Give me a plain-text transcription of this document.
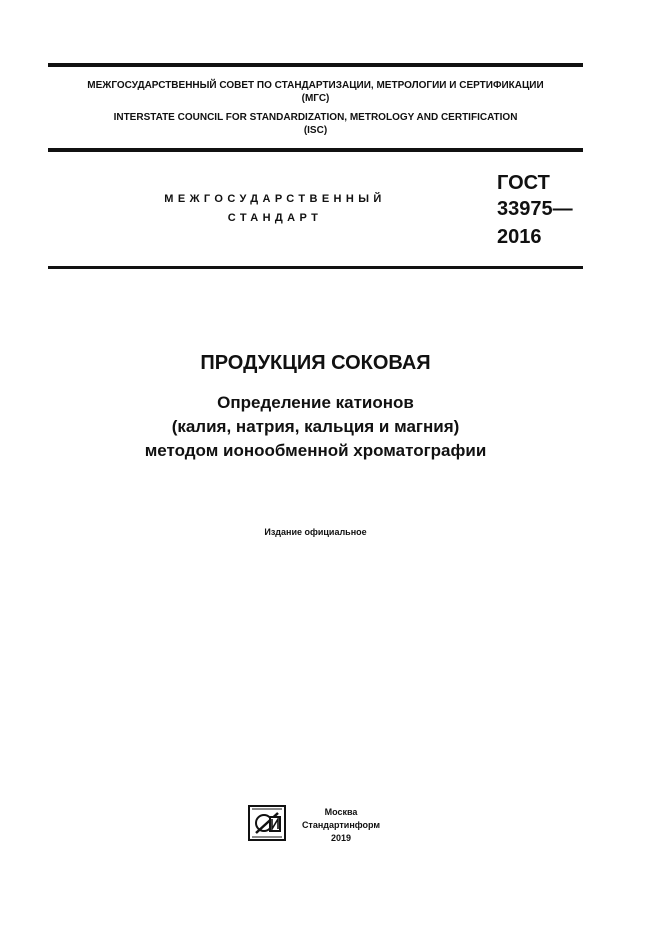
МЕЖГОСУДАРСТВЕННЫЙ СОВЕТ ПО СТАНДАРТИЗАЦИИ, МЕТРОЛОГИИ И СЕРТИФИКАЦИИ
(МГС)
INTERSTATE COUNCIL FOR STANDARDIZATION, METROLOGY AND CERTIFICATION
(ISC)
МЕЖГОСУДАРСТВЕННЫЙ
СТАНДАРТ
ГОСТ
33975—
2016
ПРОДУКЦИЯ СОКОВАЯ
Определение катионов
(калия, натрия, кальция и магния)
методом ионообменной хроматографии
Издание официальное
Москва
Стандартинформ
2019
